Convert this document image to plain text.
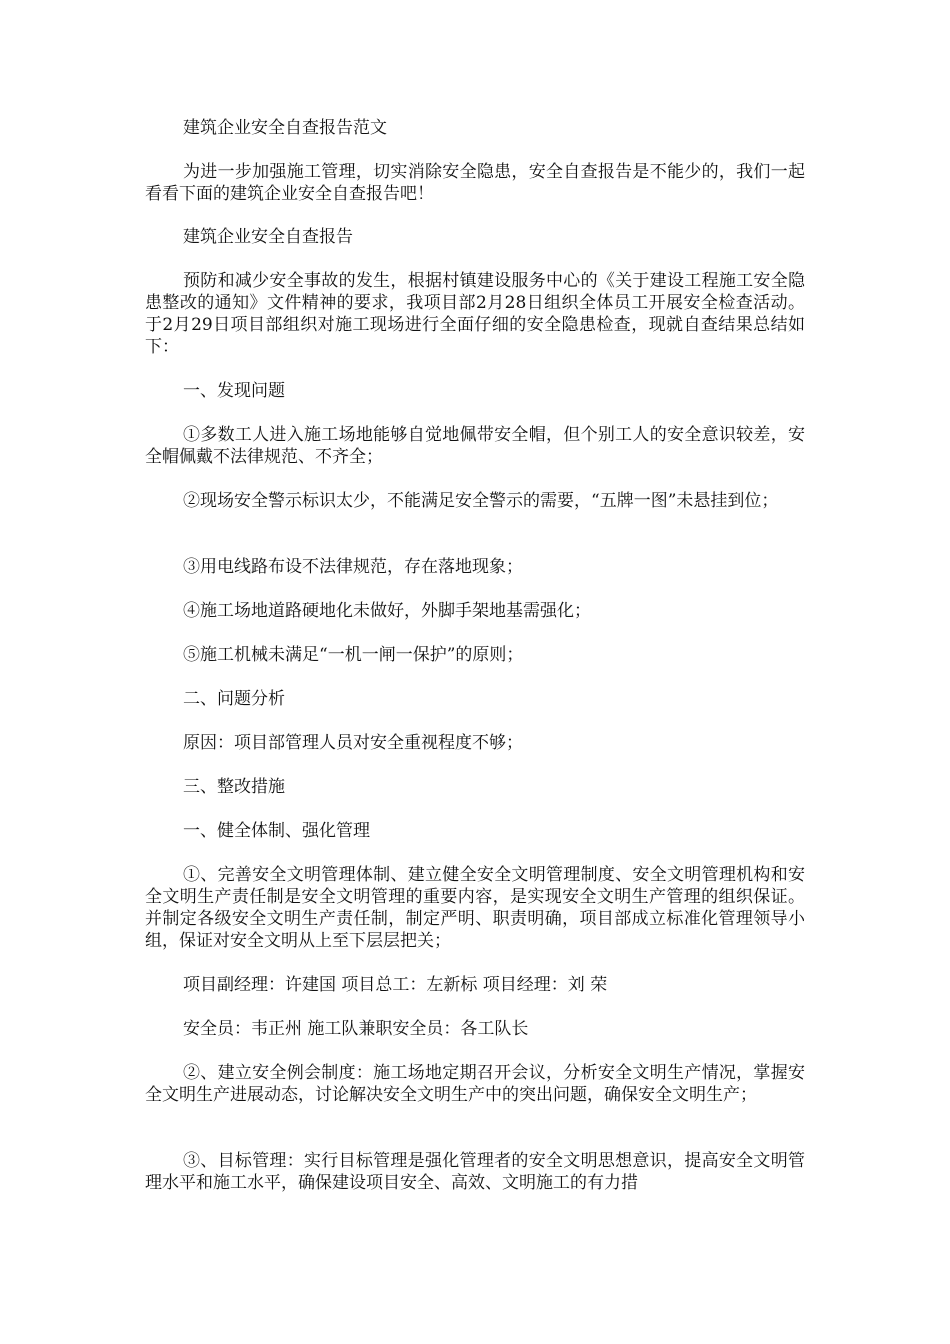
建筑企业安全自查报告范文

为进一步加强施工管理，切实消除安全隐患，安全自查报告是不能少的，我们一起看看下面的建筑企业安全自查报告吧！

建筑企业安全自查报告

预防和减少安全事故的发生，根据村镇建设服务中心的《关于建设工程施工安全隐患整改的通知》文件精神的要求，我项目部2月28日组织全体员工开展安全检查活动。于2月29日项目部组织对施工现场进行全面仔细的安全隐患检查，现就自查结果总结如下：

一、发现问题

①多数工人进入施工场地能够自觉地佩带安全帽，但个别工人的安全意识较差，安全帽佩戴不法律规范、不齐全；

②现场安全警示标识太少，不能满足安全警示的需要，“五牌一图”未悬挂到位；

③用电线路布设不法律规范，存在落地现象；

④施工场地道路硬地化未做好，外脚手架地基需强化；

⑤施工机械未满足“一机一闸一保护”的原则；

二、问题分析

原因：项目部管理人员对安全重视程度不够；

三、整改措施

一、健全体制、强化管理

①、完善安全文明管理体制、建立健全安全文明管理制度、安全文明管理机构和安全文明生产责任制是安全文明管理的重要内容，是实现安全文明生产管理的组织保证。并制定各级安全文明生产责任制，制定严明、职责明确，项目部成立标准化管理领导小组，保证对安全文明从上至下层层把关；

项目副经理：许建国 项目总工：左新标 项目经理：刘 荣

安全员：韦正州 施工队兼职安全员：各工队长

②、建立安全例会制度：施工场地定期召开会议，分析安全文明生产情况，掌握安全文明生产进展动态，讨论解决安全文明生产中的突出问题，确保安全文明生产；

③、目标管理：实行目标管理是强化管理者的安全文明思想意识，提高安全文明管理水平和施工水平，确保建设项目安全、高效、文明施工的有力措
